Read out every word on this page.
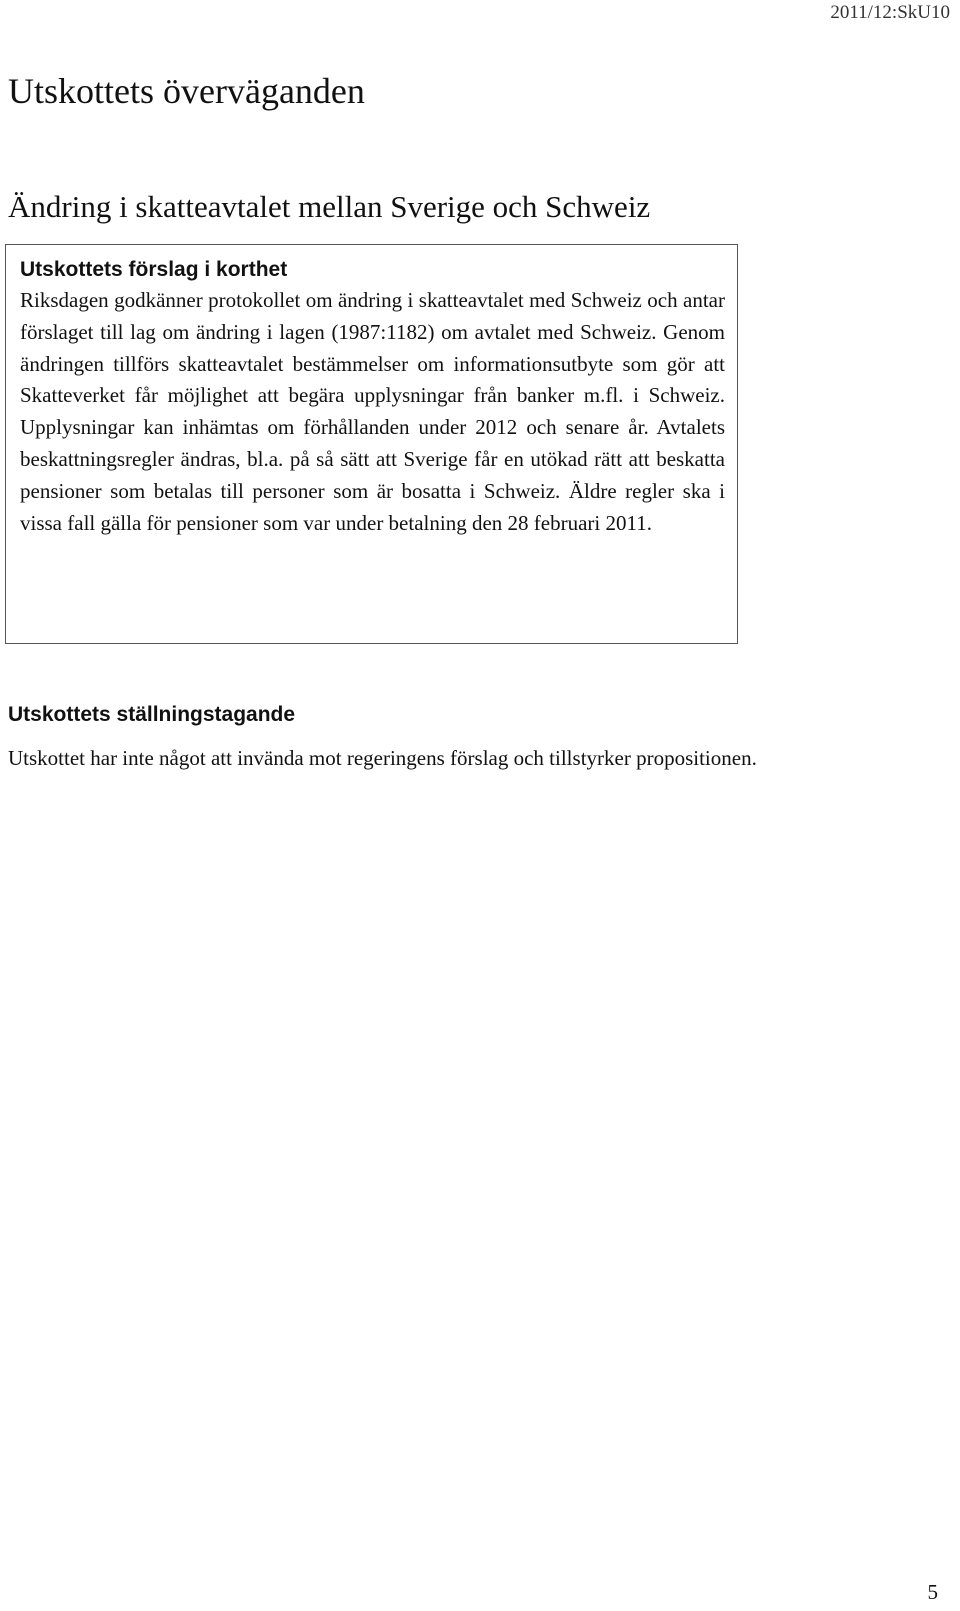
2011/12:SkU10
Utskottets överväganden
Ändring i skatteavtalet mellan Sverige och Schweiz

Utskottets förslag i korthet

Riksdagen godkänner protokollet om ändring i skatteavtalet med Schweiz och antar förslaget till lag om ändring i lagen (1987:1182) om avtalet med Schweiz. Genom ändringen tillförs skatteavtalet bestämmelser om informationsutbyte som gör att Skatteverket får möjlighet att begära upplysningar från banker m.fl. i Schweiz. Upplysningar kan inhämtas om förhållanden under 2012 och senare år. Avtalets beskattningsregler ändras, bl.a. på så sätt att Sverige får en utökad rätt att beskatta pensioner som betalas till personer som är bosatta i Schweiz. Äldre regler ska i vissa fall gälla för pensioner som var under betalning den 28 februari 2011.

Utskottets ställningstagande

Utskottet har inte något att invända mot regeringens förslag och tillstyrker propositionen.

5
